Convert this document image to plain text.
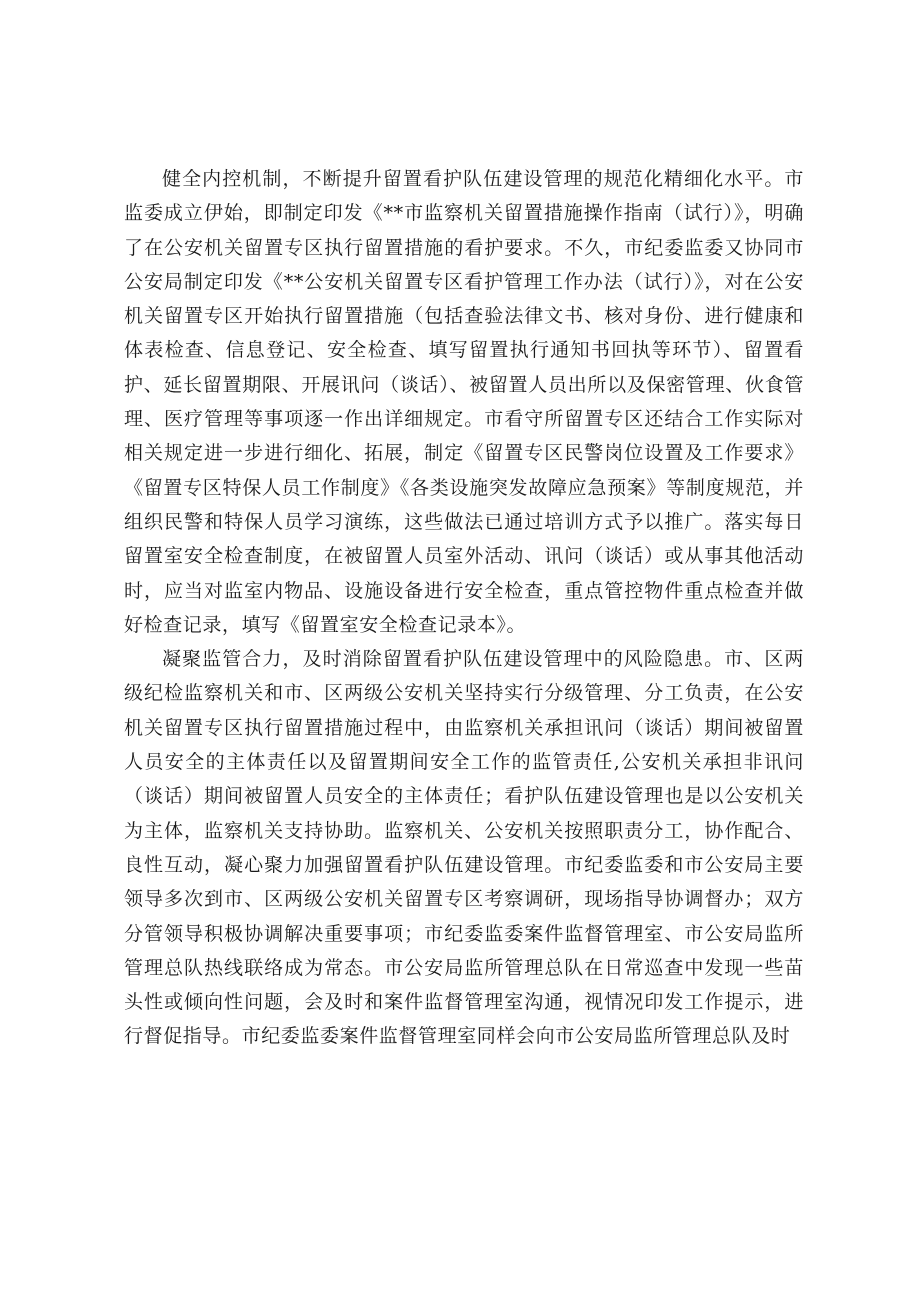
健全内控机制，不断提升留置看护队伍建设管理的规范化精细化水平。市监委成立伊始，即制定印发《**市监察机关留置措施操作指南（试行）》，明确了在公安机关留置专区执行留置措施的看护要求。不久，市纪委监委又协同市公安局制定印发《**公安机关留置专区看护管理工作办法（试行）》，对在公安机关留置专区开始执行留置措施（包括查验法律文书、核对身份、进行健康和体表检查、信息登记、安全检查、填写留置执行通知书回执等环节）、留置看护、延长留置期限、开展讯问（谈话）、被留置人员出所以及保密管理、伙食管理、医疗管理等事项逐一作出详细规定。市看守所留置专区还结合工作实际对相关规定进一步进行细化、拓展，制定《留置专区民警岗位设置及工作要求》《留置专区特保人员工作制度》《各类设施突发故障应急预案》等制度规范，并组织民警和特保人员学习演练，这些做法已通过培训方式予以推广。落实每日留置室安全检查制度，在被留置人员室外活动、讯问（谈话）或从事其他活动时，应当对监室内物品、设施设备进行安全检查，重点管控物件重点检查并做好检查记录，填写《留置室安全检查记录本》。

凝聚监管合力，及时消除留置看护队伍建设管理中的风险隐患。市、区两级纪检监察机关和市、区两级公安机关坚持实行分级管理、分工负责，在公安机关留置专区执行留置措施过程中，由监察机关承担讯问（谈话）期间被留置人员安全的主体责任以及留置期间安全工作的监管责任,公安机关承担非讯问（谈话）期间被留置人员安全的主体责任；看护队伍建设管理也是以公安机关为主体，监察机关支持协助。监察机关、公安机关按照职责分工，协作配合、良性互动，凝心聚力加强留置看护队伍建设管理。市纪委监委和市公安局主要领导多次到市、区两级公安机关留置专区考察调研，现场指导协调督办；双方分管领导积极协调解决重要事项；市纪委监委案件监督管理室、市公安局监所管理总队热线联络成为常态。市公安局监所管理总队在日常巡查中发现一些苗头性或倾向性问题，会及时和案件监督管理室沟通，视情况印发工作提示，进行督促指导。市纪委监委案件监督管理室同样会向市公安局监所管理总队及时
